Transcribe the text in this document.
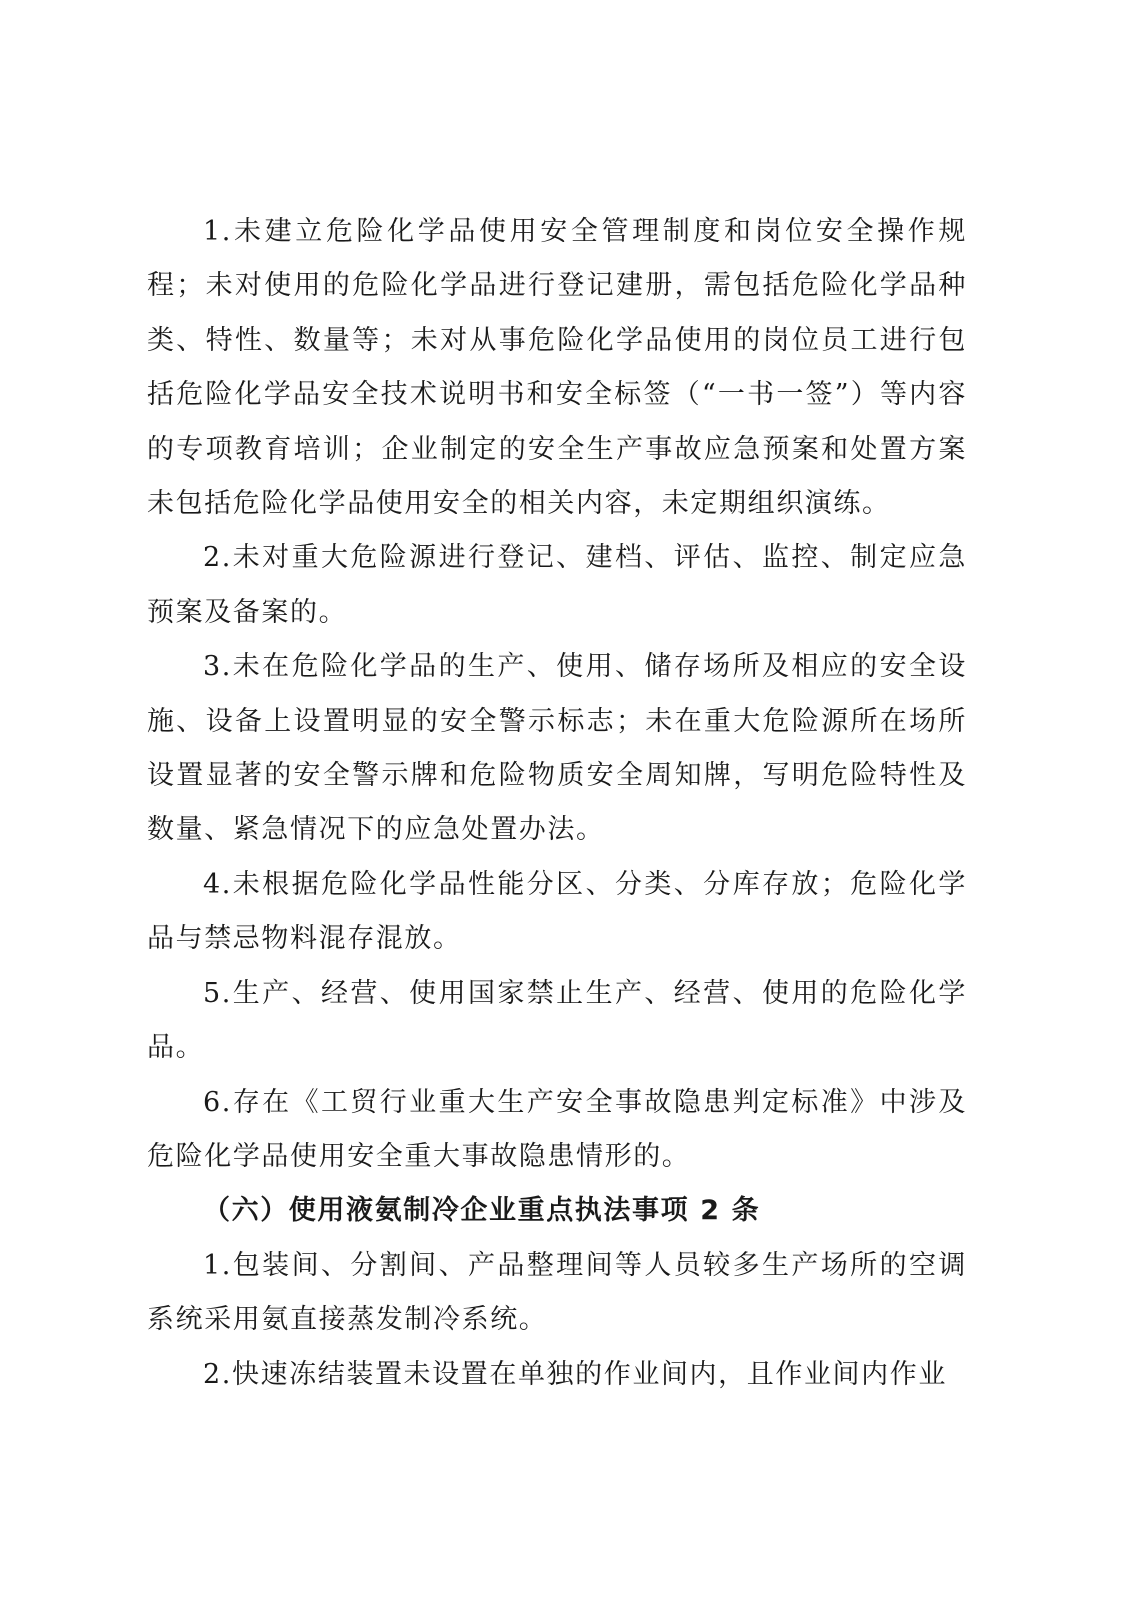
1.未建立危险化学品使用安全管理制度和岗位安全操作规程；未对使用的危险化学品进行登记建册，需包括危险化学品种类、特性、数量等；未对从事危险化学品使用的岗位员工进行包括危险化学品安全技术说明书和安全标签（“一书一签”）等内容的专项教育培训；企业制定的安全生产事故应急预案和处置方案未包括危险化学品使用安全的相关内容，未定期组织演练。

2.未对重大危险源进行登记、建档、评估、监控、制定应急预案及备案的。

3.未在危险化学品的生产、使用、储存场所及相应的安全设施、设备上设置明显的安全警示标志；未在重大危险源所在场所设置显著的安全警示牌和危险物质安全周知牌，写明危险特性及数量、紧急情况下的应急处置办法。

4.未根据危险化学品性能分区、分类、分库存放；危险化学品与禁忌物料混存混放。

5.生产、经营、使用国家禁止生产、经营、使用的危险化学品。

6.存在《工贸行业重大生产安全事故隐患判定标准》中涉及危险化学品使用安全重大事故隐患情形的。

（六）使用液氨制冷企业重点执法事项 2 条

1.包装间、分割间、产品整理间等人员较多生产场所的空调系统采用氨直接蒸发制冷系统。

2.快速冻结装置未设置在单独的作业间内，且作业间内作业
